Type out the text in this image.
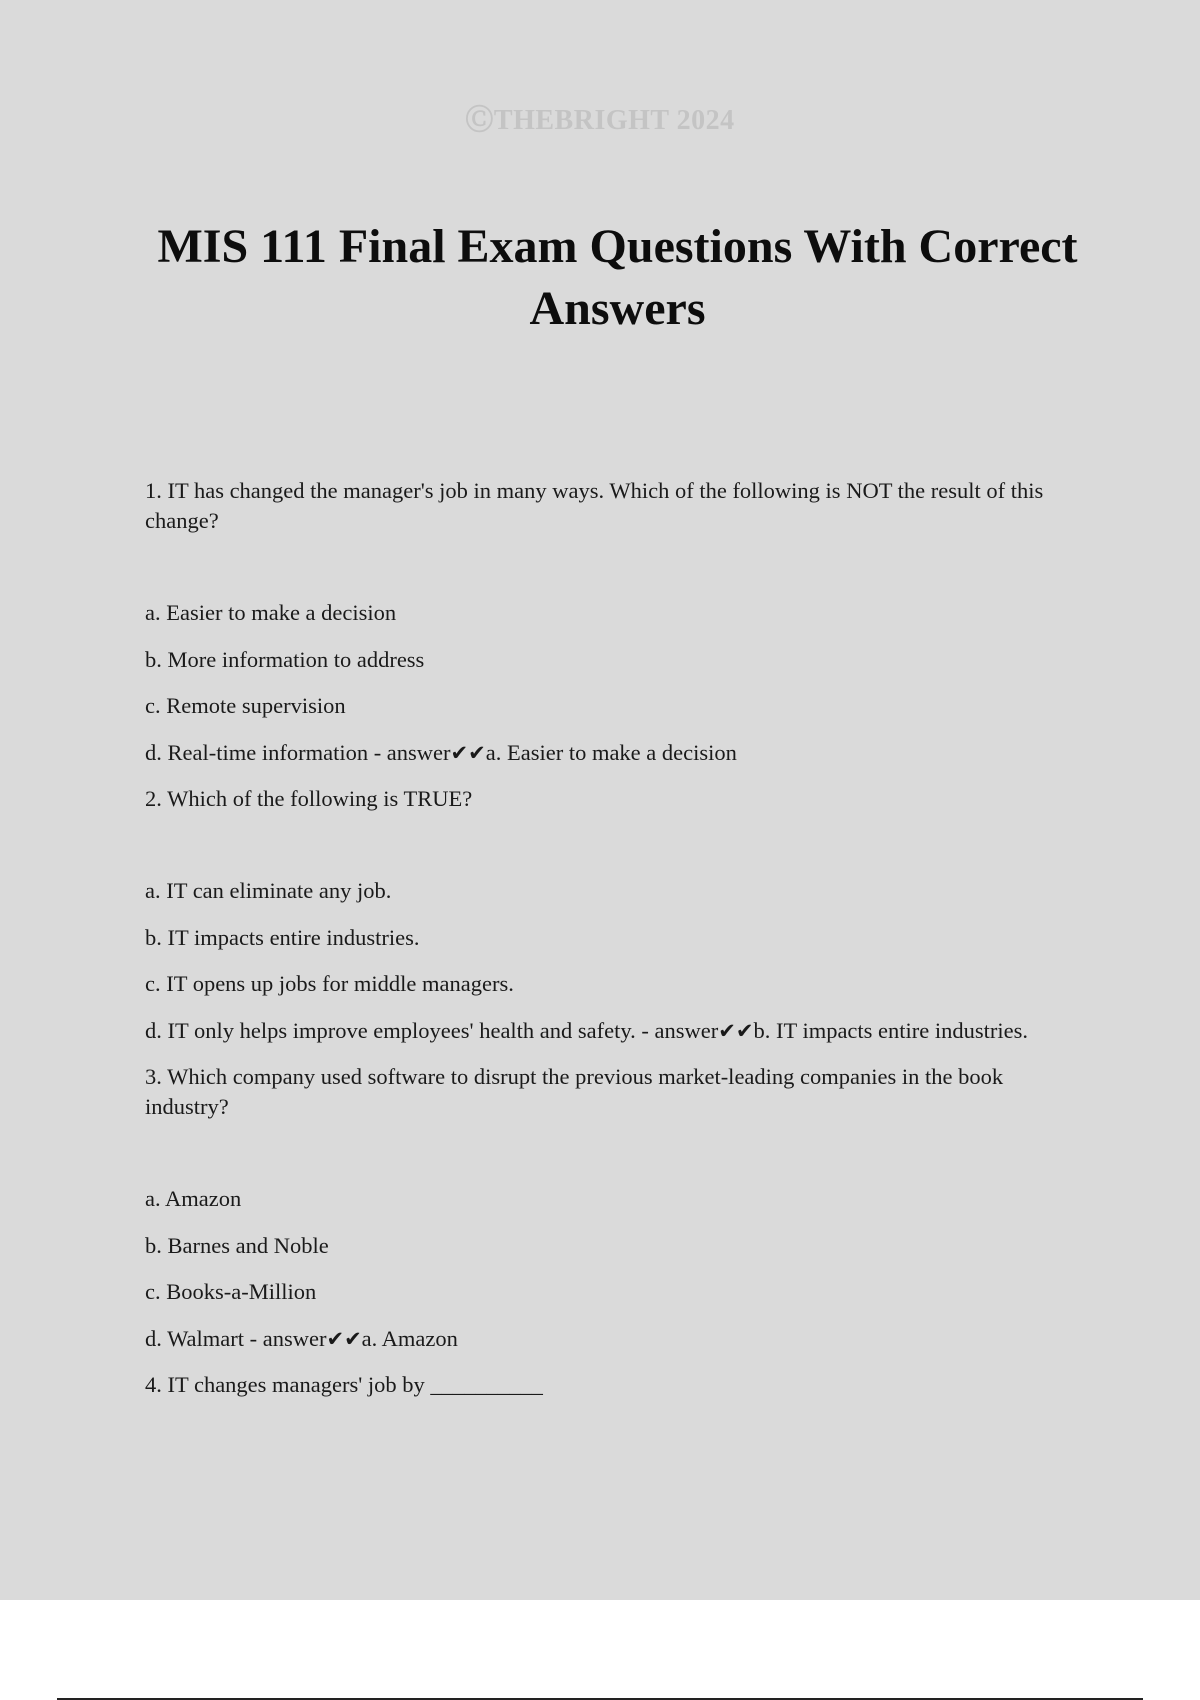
ⒸTHEBRIGHT 2024
MIS 111 Final Exam Questions With Correct Answers

1. IT has changed the manager's job in many ways. Which of the following is NOT the result of this change?

a. Easier to make a decision

b. More information to address

c. Remote supervision

d. Real-time information - answer✔✔a. Easier to make a decision

2. Which of the following is TRUE?

a. IT can eliminate any job.

b. IT impacts entire industries.

c. IT opens up jobs for middle managers.

d. IT only helps improve employees' health and safety. - answer✔✔b. IT impacts entire industries.

3. Which company used software to disrupt the previous market-leading companies in the book industry?

a. Amazon

b. Barnes and Noble

c. Books-a-Million

d. Walmart - answer✔✔a. Amazon

4. IT changes managers' job by __________
